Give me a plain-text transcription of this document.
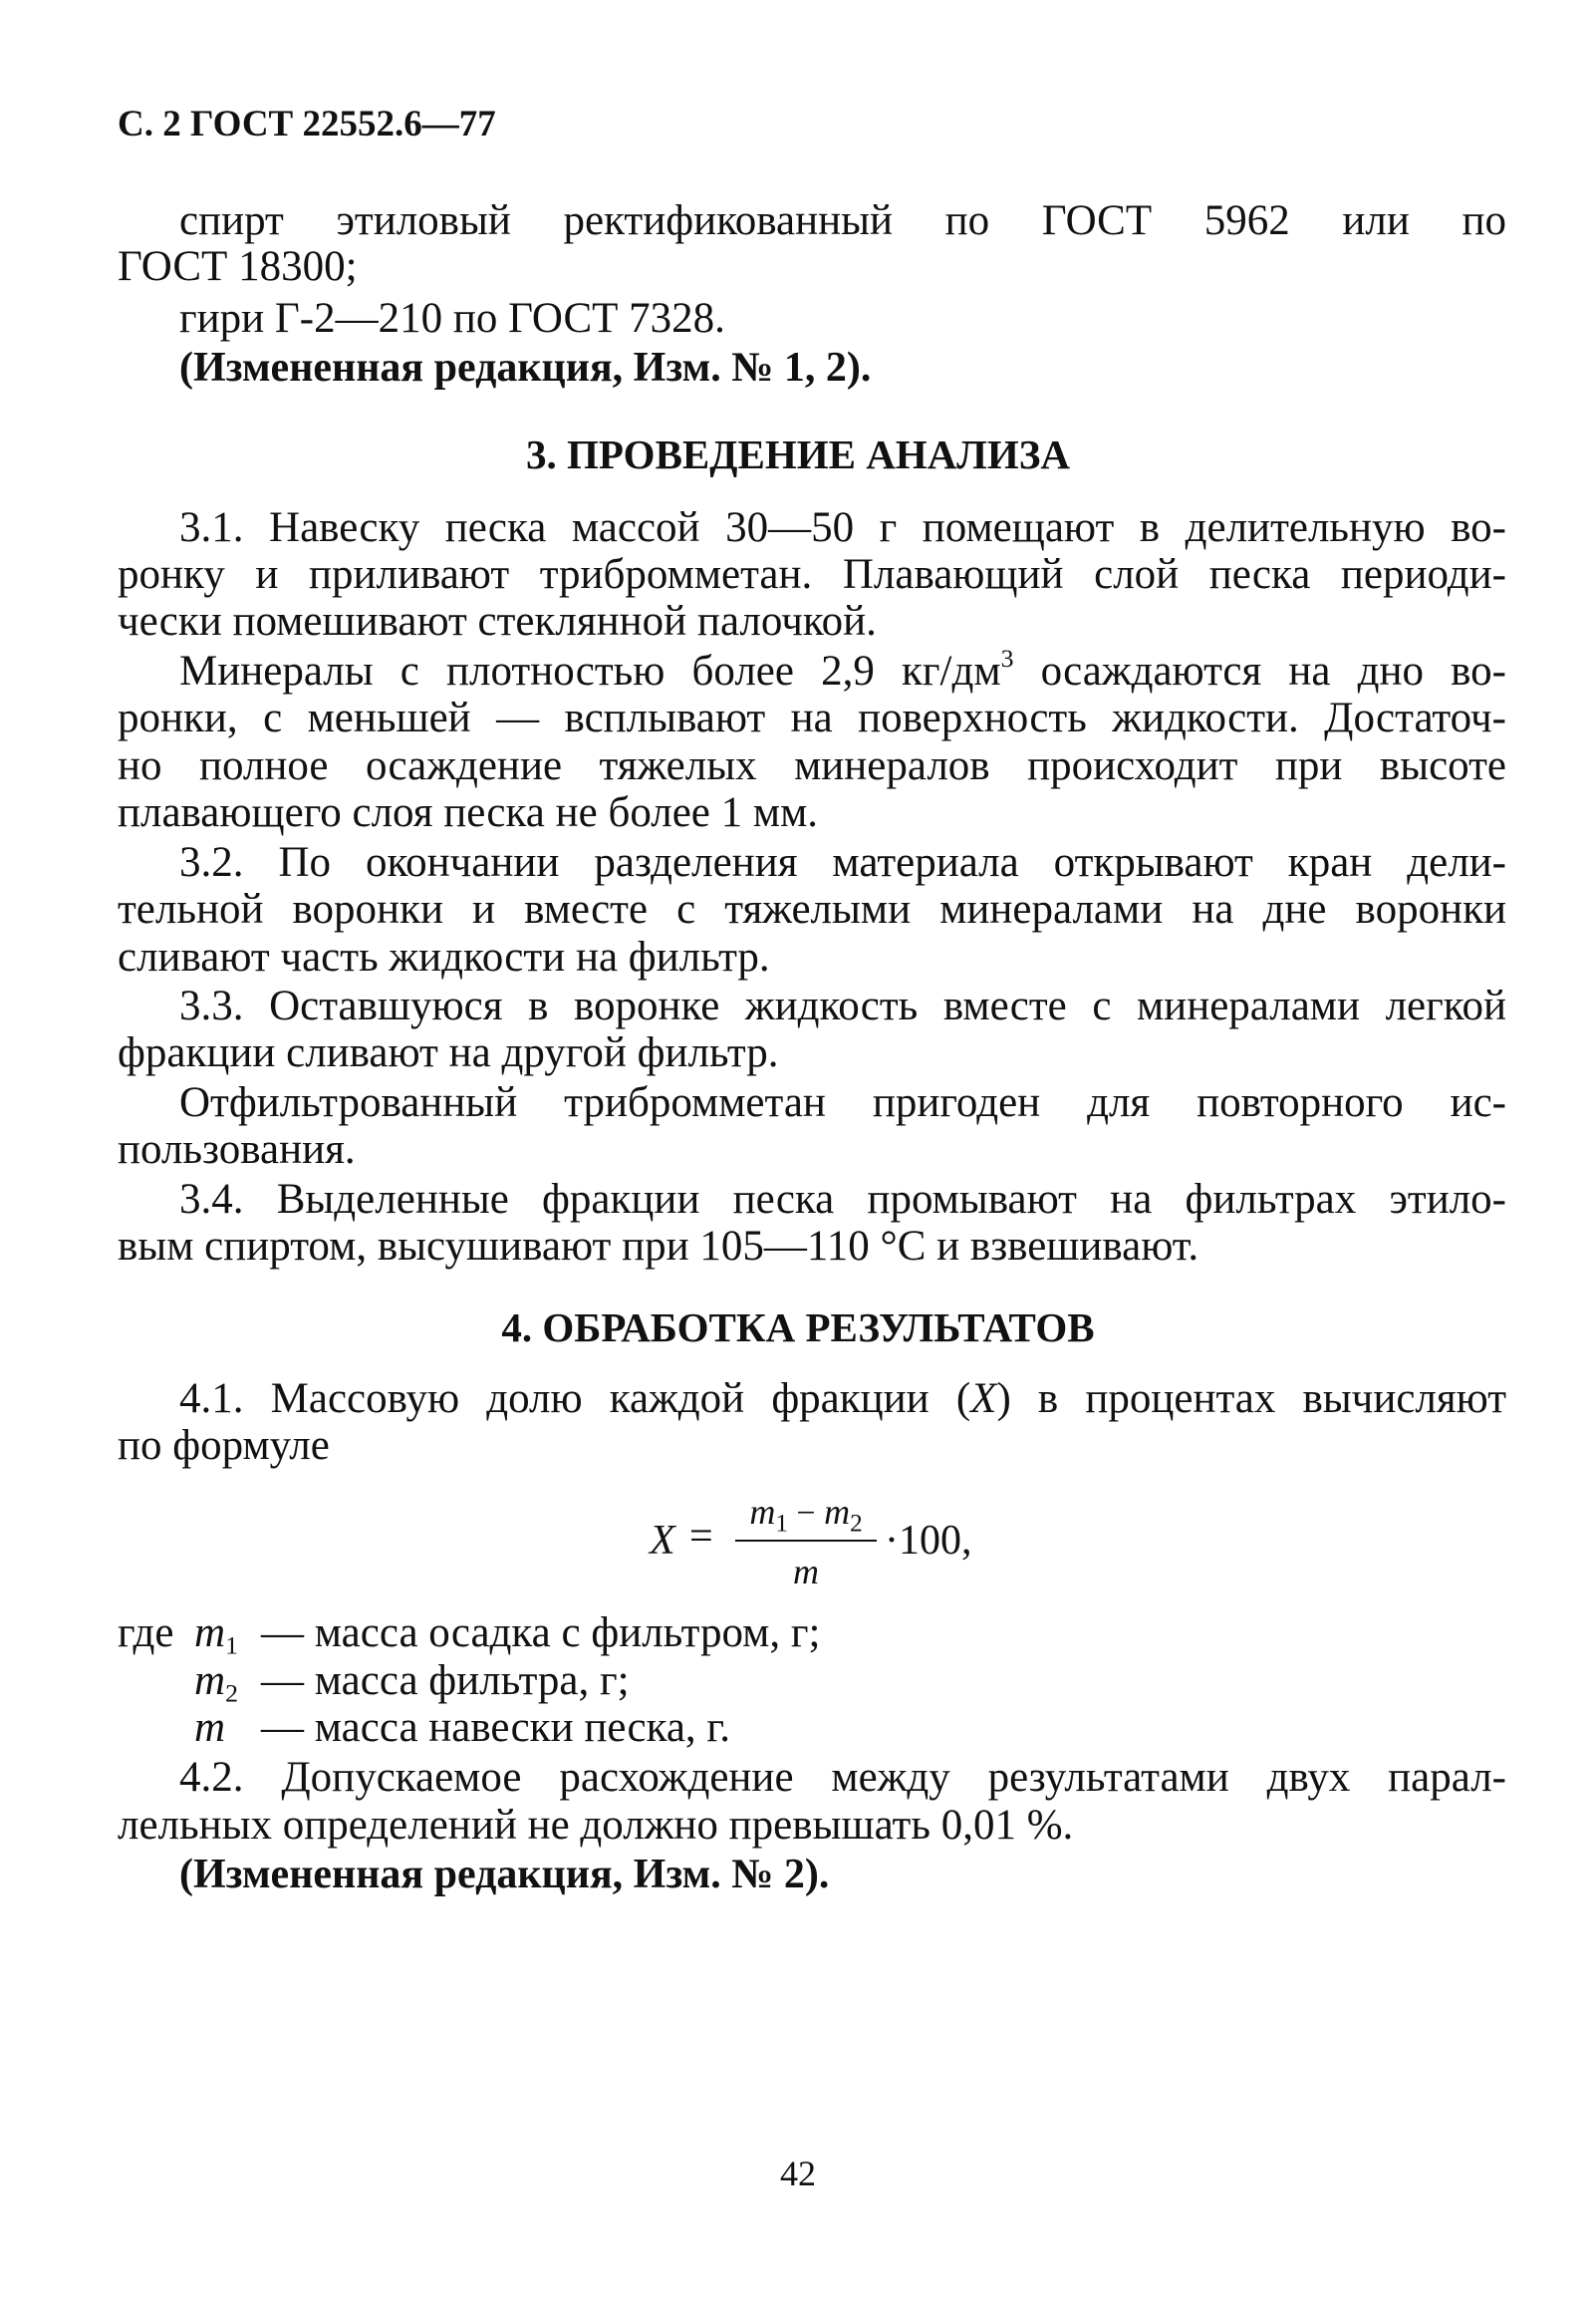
С. 2 ГОСТ 22552.6—77
спирт этиловый ректификованный по ГОСТ 5962 или по
ГОСТ 18300;
гири Г-2—210 по ГОСТ 7328.
(Измененная редакция, Изм. № 1, 2).
3. ПРОВЕДЕНИЕ АНАЛИЗА
3.1. Навеску песка массой 30—50 г помещают в делительную во-
ронку и приливают трибромметан. Плавающий слой песка периоди-
чески помешивают стеклянной палочкой.
Минералы с плотностью более 2,9 $кг/дм^3$ осаждаются на дно во-
ронки, с меньшей — всплывают на поверхность жидкости. Достаточ-
но полное осаждение тяжелых минералов происходит при высоте
плавающего слоя песка не более 1 мм.
3.2. По окончании разделения материала открывают кран дели-
тельной воронки и вместе с тяжелыми минералами на дне воронки
сливают часть жидкости на фильтр.
3.3. Оставшуюся в воронке жидкость вместе с минералами легкой
фракции сливают на другой фильтр.
Отфильтрованный трибромметан пригоден для повторного ис-
пользования.
3.4. Выделенные фракции песка промывают на фильтрах этило-
вым спиртом, высушивают при 105—110 °С и взвешивают.
4. ОБРАБОТКА РЕЗУЛЬТАТОВ
4.1. Массовую долю каждой фракции (X) в процентах вычисляют
по формуле
X =
$m_1 - m_2$
m
·100,
где $m_1$ — масса осадка с фильтром, г;
$m_2$ — масса фильтра, г;
m — масса навески песка, г.
4.2. Допускаемое расхождение между результатами двух парал-
лельных определений не должно превышать 0,01 %.
(Измененная редакция, Изм. № 2).
42
